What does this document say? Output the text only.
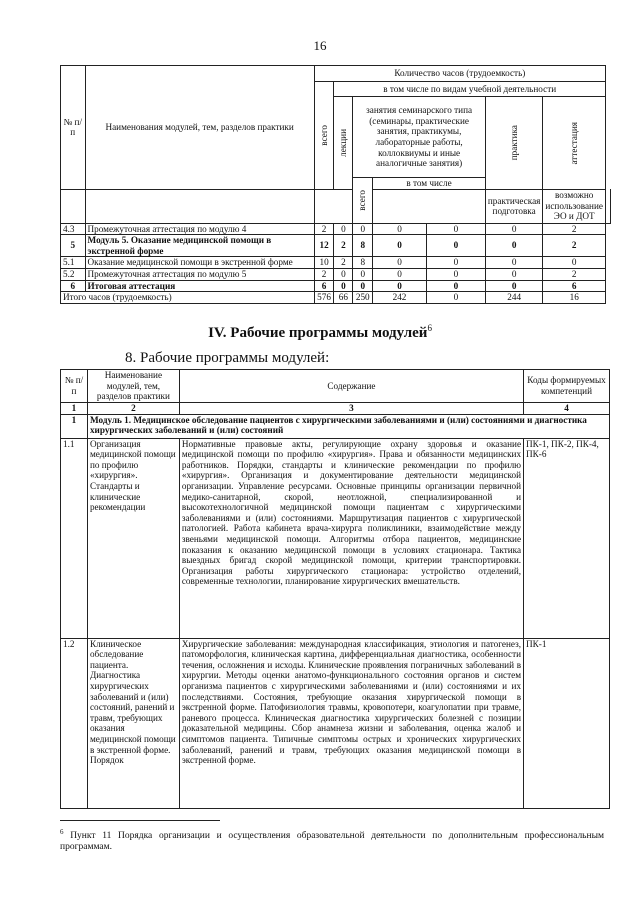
16
№ п/п	Наименования модулей, тем, разделов практики	Количество часов (трудоемкость)							

		всего	в том числе по видам учебной деятельности						

			лекции	занятия семинарского типа (семинары, практические занятия, практикумы, лабораторные работы, коллоквиумы и иные аналогичные занятия)			практика	аттестация	

				всего	в том числе				
							практическая подготовка	возможно использование ЭО и ДОТ	
4.3	Промежуточная аттестация по модулю 4	2	0	0	0	0	0	2	
5	Модуль 5. Оказание медицинской помощи в экстренной форме	12	2	8	0	0	0	2	
5.1	Оказание медицинской помощи в экстренной форме	10	2	8	0	0	0	0	
5.2	Промежуточная аттестация по модулю 5	2	0	0	0	0	0	2	
6	Итоговая аттестация	6	0	0	0	0	0	6	
Итого часов (трудоемкость)		576	66	250	242	0	244	16	
IV. Рабочие программы модулей$^6$
8. Рабочие программы модулей:
№ п/п	Наименование модулей, тем, разделов практики	Содержание	Коды формируемых компетенций
1	2	3	4
1	Модуль 1. Медицинское обследование пациентов с хирургическими заболеваниями и (или) состояниями и диагностика хирургических заболеваний и (или) состояний		
1.1	Организация медицинской помощи по профилю «хирургия». Стандарты и клинические рекомендации	Нормативные правовые акты, регулирующие охрану здоровья и оказание медицинской помощи по профилю «хирургия». Права и обязанности медицинских работников. Порядки, стандарты и клинические рекомендации по профилю «хирургия». Организация и документирование деятельности медицинской организации. Управление ресурсами. Основные принципы организации первичной медико-санитарной, скорой, неотложной, специализированной и высокотехнологичной медицинской помощи пациентам с хирургическими заболеваниями и (или) состояниями. Маршрутизация пациентов с хирургической патологией. Работа кабинета врача-хирурга поликлиники, взаимодействие между звеньями медицинской помощи. Алгоритмы отбора пациентов, медицинские показания к оказанию медицинской помощи в условиях стационара. Тактика выездных бригад скорой медицинской помощи, критерии транспортировки. Организация работы хирургического стационара: устройство отделений, современные технологии, планирование хирургических вмешательств.	ПК-1, ПК-2, ПК-4, ПК-6
1.2	Клиническое обследование пациента. Диагностика хирургических заболеваний и (или) состояний, ранений и травм, требующих оказания медицинской помощи в экстренной форме. Порядок	Хирургические заболевания: международная классификация, этиология и патогенез, патоморфология, клиническая картина, дифференциальная диагностика, особенности течения, осложнения и исходы. Клинические проявления пограничных заболеваний в хирургии. Методы оценки анатомо-функционального состояния органов и систем организма пациентов с хирургическими заболеваниями и (или) состояниями и их последствиями. Состояния, требующие оказания хирургической помощи в экстренной форме. Патофизиология травмы, кровопотери, коагулопатии при травме, раневого процесса. Клиническая диагностика хирургических болезней с позиции доказательной медицины. Сбор анамнеза жизни и заболевания, оценка жалоб и симптомов пациента. Типичные симптомы острых и хронических хирургических заболеваний, ранений и травм, требующих оказания медицинской помощи в экстренной форме.	ПК-1
$^6$ Пункт 11 Порядка организации и осуществления образовательной деятельности по дополнительным профессиональным программам.
